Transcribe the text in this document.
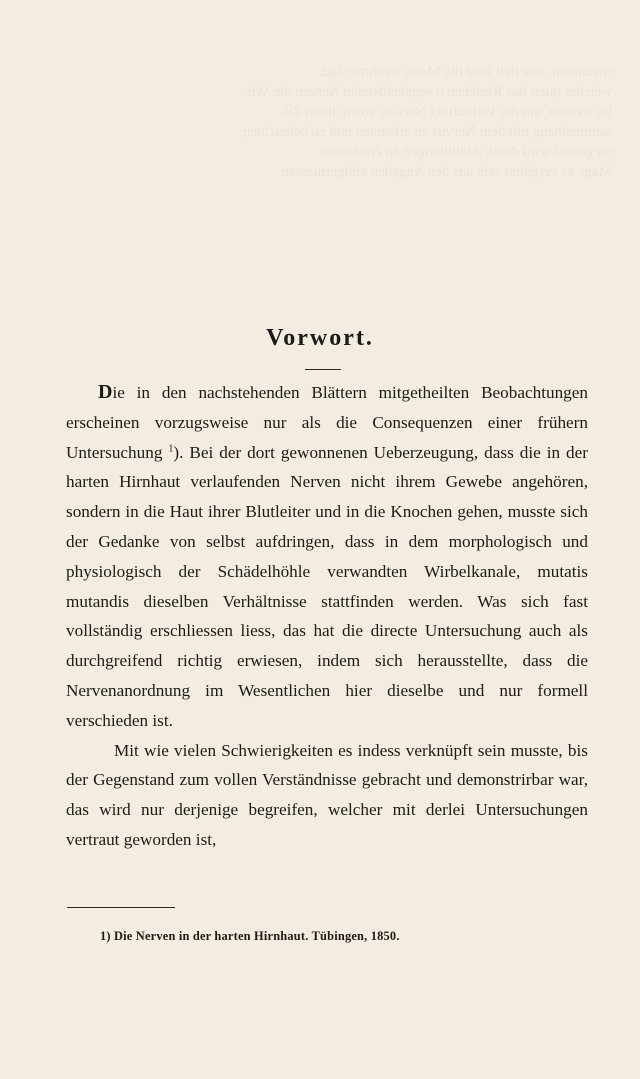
rhaunhem, wie ileit feist dle Motte frauhme sind.
welcher quert das Resiehen u eegeheidenden Nerven der Wir-
bo werden, um die Verlaufinet Nerven, sowie ihren Zu-
sammenhang mit dem Nervus zu erkennen und zu beleuchten,
nu geneal wird durch Abbildungen zu erschauen.
Mage es vergönnt seiu aus den Angehen einigermassen
Vorwort.

Die in den nachstehenden Blättern mitgetheilten Beobachtungen erscheinen vorzugsweise nur als die Consequenzen einer frühern Untersuchung $^1$). Bei der dort gewonnenen Ueberzeugung, dass die in der harten Hirnhaut verlaufenden Nerven nicht ihrem Gewebe angehören, sondern in die Haut ihrer Blutleiter und in die Knochen gehen, musste sich der Gedanke von selbst aufdringen, dass in dem morphologisch und physiologisch der Schädelhöhle verwandten Wirbelkanale, mutatis mutandis dieselben Verhältnisse stattfinden werden. Was sich fast vollständig erschliessen liess, das hat die directe Untersuchung auch als durchgreifend richtig erwiesen, indem sich herausstellte, dass die Nervenanordnung im Wesentlichen hier dieselbe und nur formell verschieden ist.

Mit wie vielen Schwierigkeiten es indess verknüpft sein musste, bis der Gegenstand zum vollen Verständnisse gebracht und demonstrirbar war, das wird nur derjenige begreifen, welcher mit derlei Untersuchungen vertraut geworden ist,

1) Die Nerven in der harten Hirnhaut. Tübingen, 1850.
